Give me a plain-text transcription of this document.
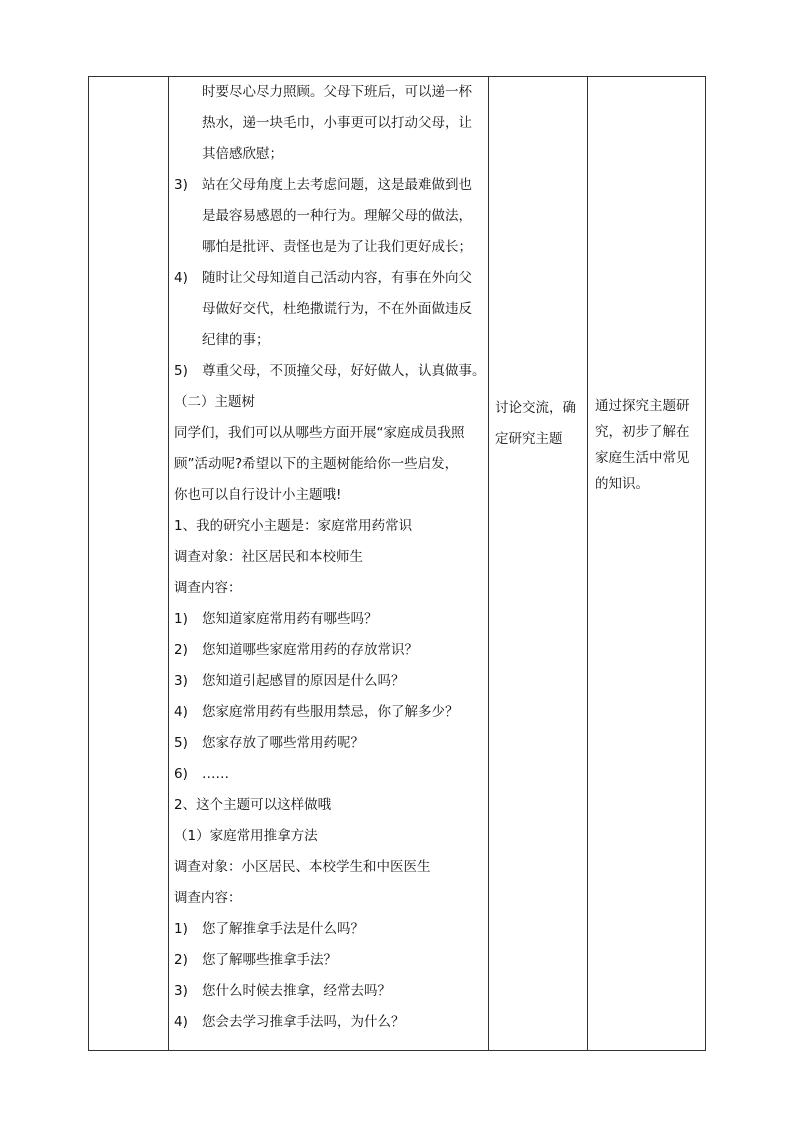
时要尽心尽力照顾。父母下班后，可以递一杯
热水，递一块毛巾，小事更可以打动父母，让
其倍感欣慰；
3) 站在父母角度上去考虑问题，这是最难做到也
是最容易感恩的一种行为。理解父母的做法，
哪怕是批评、责怪也是为了让我们更好成长；
4) 随时让父母知道自己活动内容，有事在外向父
母做好交代，杜绝撒谎行为，不在外面做违反
纪律的事；
5) 尊重父母，不顶撞父母，好好做人，认真做事。
（二）主题树
同学们，我们可以从哪些方面开展“家庭成员我照
顾”活动呢?希望以下的主题树能给你一些启发，
你也可以自行设计小主题哦!
1、我的研究小主题是：家庭常用药常识
调查对象：社区居民和本校师生
调查内容：
1) 您知道家庭常用药有哪些吗？
2) 您知道哪些家庭常用药的存放常识？
3) 您知道引起感冒的原因是什么吗？
4) 您家庭常用药有些服用禁忌，你了解多少？
5) 您家存放了哪些常用药呢？
6) ……
2、这个主题可以这样做哦
（1）家庭常用推拿方法
调查对象：小区居民、本校学生和中医医生
调查内容：
1) 您了解推拿手法是什么吗？
2) 您了解哪些推拿手法？
3) 您什么时候去推拿，经常去吗？
4) 您会去学习推拿手法吗，为什么？
讨论交流，确
定研究主题
通过探究主题研
究，初步了解在
家庭生活中常见
的知识。
